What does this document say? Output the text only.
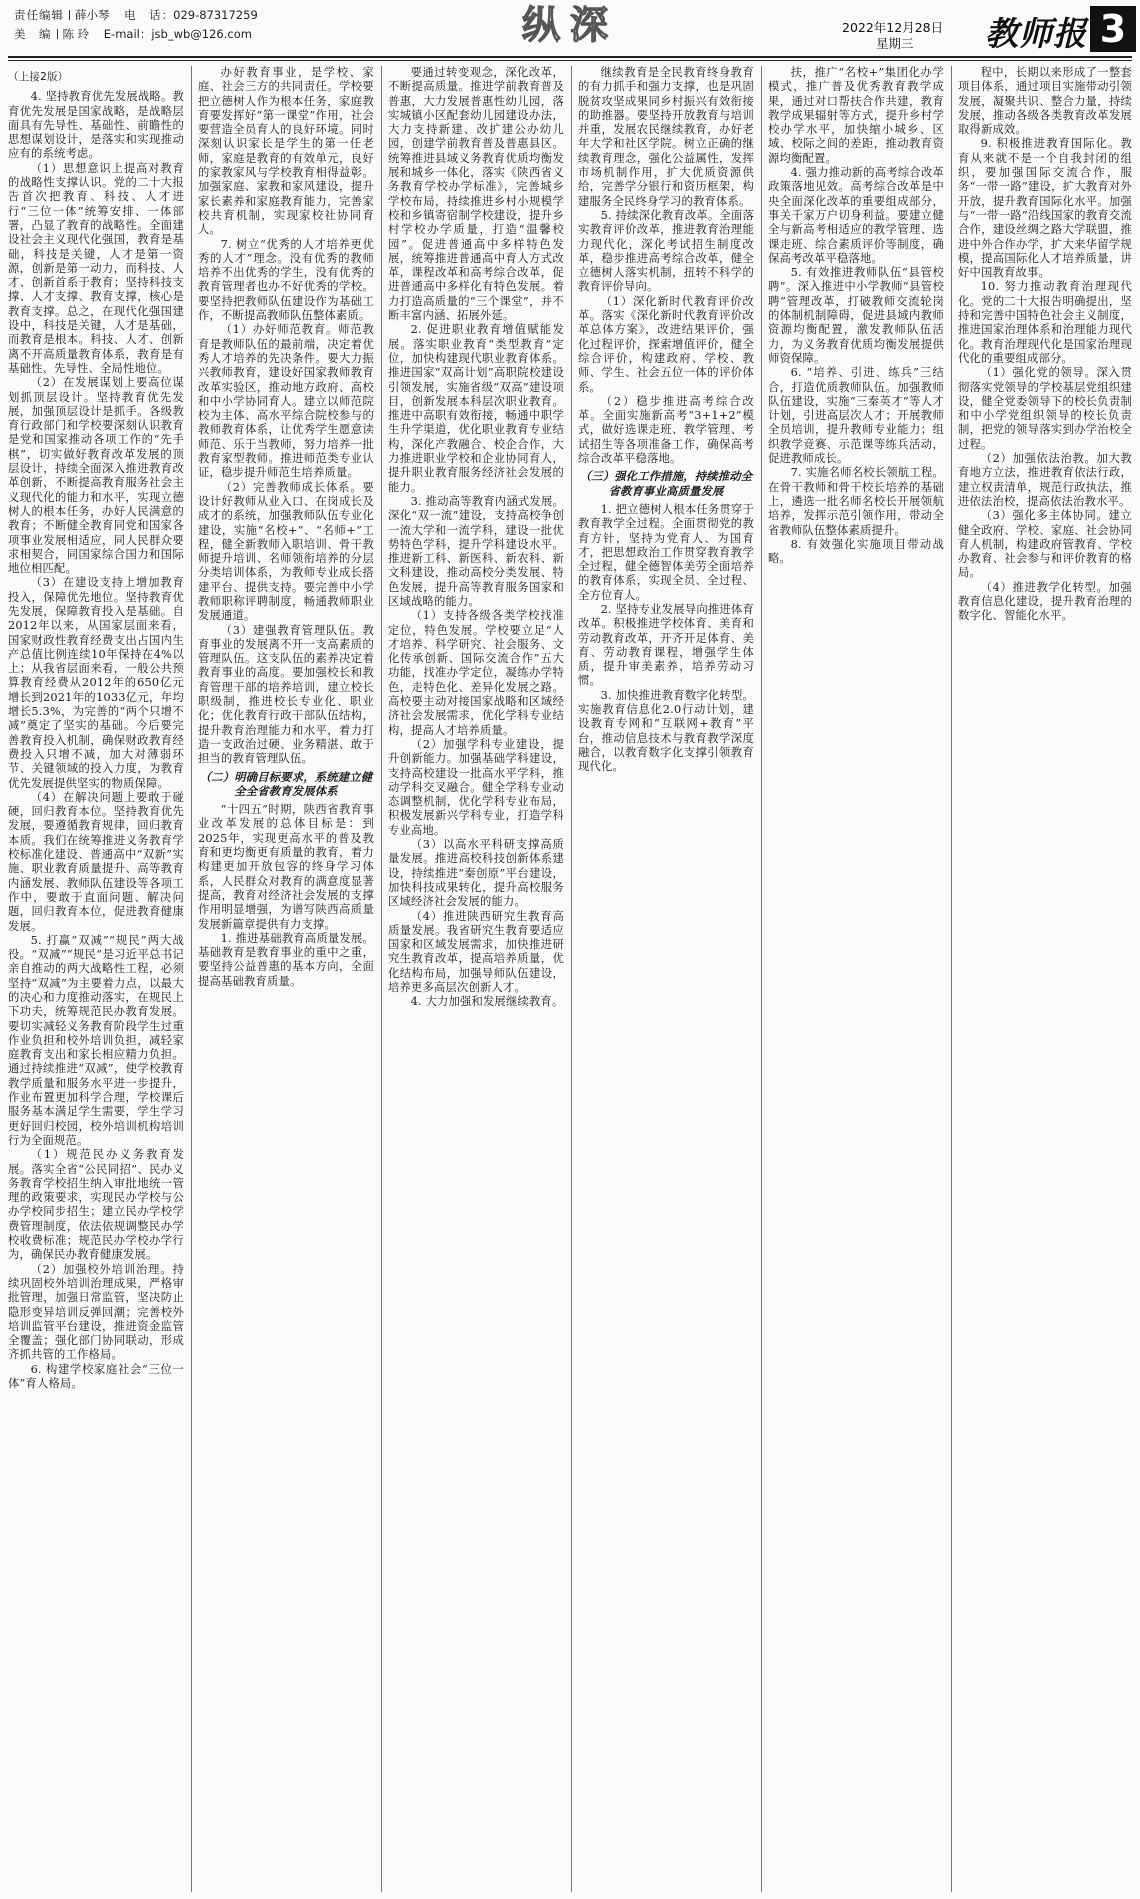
责任编辑 薛小琴 电　话：029-87317259
美　编 陈 玲 E-mail：jsb_wb@126.com	纵深	2022年12月28日
星期三	教师报 3
（上接2版）

4. 坚持教育优先发展战略。教育优先发展是国家战略，是战略层面具有先导性、基础性、前瞻性的思想谋划设计，是落实和实现推动应有的系统考虑。

（1）思想意识上提高对教育的战略性支撑认识。党的二十大报告首次把教育、科技、人才进行“三位一体”统筹安排、一体部署，凸显了教育的战略性。全面建设社会主义现代化强国，教育是基础，科技是关键，人才是第一资源，创新是第一动力，而科技、人才、创新首系于教育；坚持科技支撑、人才支撑、教育支撑，核心是教育支撑。总之，在现代化强国建设中，科技是关键，人才是基础，而教育是根本。科技、人才、创新离不开高质量教育体系，教育是有基础性、先导性、全局性地位。

（2）在发展谋划上要高位谋划抓顶层设计。坚持教育优先发展，加强顶层设计是抓手。各级教育行政部门和学校要深刻认识教育是党和国家推动各项工作的“先手棋”，切实做好教育改革发展的顶层设计，持续全面深入推进教育改革创新，不断提高教育服务社会主义现代化的能力和水平，实现立德树人的根本任务，办好人民满意的教育；不断健全教育同党和国家各项事业发展相适应，同人民群众要求相契合，同国家综合国力和国际地位相匹配。

（3）在建设支持上增加教育投入，保障优先地位。坚持教育优先发展，保障教育投入是基础。自2012年以来，从国家层面来看，国家财政性教育经费支出占国内生产总值比例连续10年保持在4%以上；从我省层面来看，一般公共预算教育经费从2012年的650亿元增长到2021年的1033亿元，年均增长5.3%，为完善的“两个只增不减”奠定了坚实的基础。今后要完善教育投入机制，确保财政教育经费投入只增不减，加大对薄弱环节、关键领域的投入力度，为教育优先发展提供坚实的物质保障。

（4）在解决问题上要敢于碰硬，回归教育本位。坚持教育优先发展，要遵循教育规律，回归教育本质。我们在统筹推进义务教育学校标准化建设、普通高中“双新”实施、职业教育质量提升、高等教育内涵发展、教师队伍建设等各项工作中，要敢于直面问题、解决问题，回归教育本位，促进教育健康发展。

5. 打赢“双减”“规民”两大战役。“双减”“规民”是习近平总书记亲自推动的两大战略性工程，必须坚持“双减”为主要着力点，以最大的决心和力度推动落实，在规民上下功夫，统筹规范民办教育发展。要切实减轻义务教育阶段学生过重作业负担和校外培训负担，减轻家庭教育支出和家长相应精力负担。通过持续推进“双减”，使学校教育教学质量和服务水平进一步提升，作业布置更加科学合理，学校课后服务基本满足学生需要，学生学习更好回归校园，校外培训机构培训行为全面规范。

（1）规范民办义务教育发展。落实全省“公民同招”、民办义务教育学校招生纳入审批地统一管理的政策要求，实现民办学校与公办学校同步招生；建立民办学校学费管理制度，依法依规调整民办学校收费标准；规范民办学校办学行为，确保民办教育健康发展。

（2）加强校外培训治理。持续巩固校外培训治理成果，严格审批管理，加强日常监管，坚决防止隐形变异培训反弹回潮；完善校外培训监管平台建设，推进资金监管全覆盖；强化部门协同联动，形成齐抓共管的工作格局。

6. 构建学校家庭社会“三位一体”育人格局。

办好教育事业，是学校、家庭、社会三方的共同责任。学校要把立德树人作为根本任务，家庭教育要发挥好“第一课堂”作用，社会要营造全员育人的良好环境。同时深刻认识家长是学生的第一任老师，家庭是教育的有效单元，良好的家教家风与学校教育相得益彰。加强家庭、家教和家风建设，提升家长素养和家庭教育能力，完善家校共育机制，实现家校社协同育人。

7. 树立“优秀的人才培养更优秀的人才”理念。没有优秀的教师培养不出优秀的学生，没有优秀的教育管理者也办不好优秀的学校。要坚持把教师队伍建设作为基础工作，不断提高教师队伍整体素质。

（1）办好师范教育。师范教育是教师队伍的最前端，决定着优秀人才培养的先决条件。要大力振兴教师教育，建设好国家教师教育改革实验区，推动地方政府、高校和中小学协同育人。建立以师范院校为主体、高水平综合院校参与的教师教育体系，让优秀学生愿意读师范、乐于当教师，努力培养一批教育家型教师。推进师范类专业认证，稳步提升师范生培养质量。

（2）完善教师成长体系。要设计好教师从业入口、在岗成长及成才的系统，加强教师队伍专业化建设，实施“名校+”、“名师+”工程，健全新教师入职培训、骨干教师提升培训、名师领衔培养的分层分类培训体系，为教师专业成长搭建平台、提供支持。要完善中小学教师职称评聘制度，畅通教师职业发展通道。

（3）建强教育管理队伍。教育事业的发展离不开一支高素质的管理队伍。这支队伍的素养决定着教育事业的高度。要加强校长和教育管理干部的培养培训，建立校长职级制，推进校长专业化、职业化；优化教育行政干部队伍结构，提升教育治理能力和水平，着力打造一支政治过硬、业务精湛、敢于担当的教育管理队伍。

（二）明确目标要求，系统建立健全全省教育发展体系

“十四五”时期，陕西省教育事业改革发展的总体目标是：到2025年，实现更高水平的普及教育和更均衡更有质量的教育，着力构建更加开放包容的终身学习体系，人民群众对教育的满意度显著提高，教育对经济社会发展的支撑作用明显增强，为谱写陕西高质量发展新篇章提供有力支撑。

1. 推进基础教育高质量发展。基础教育是教育事业的重中之重，要坚持公益普惠的基本方向，全面提高基础教育质量。

要通过转变观念，深化改革，不断提高质量。推进学前教育普及普惠，大力发展普惠性幼儿园，落实城镇小区配套幼儿园建设办法，大力支持新建、改扩建公办幼儿园，创建学前教育普及普惠县区。统筹推进县域义务教育优质均衡发展和城乡一体化，落实《陕西省义务教育学校办学标准》，完善城乡学校布局，持续推进乡村小规模学校和乡镇寄宿制学校建设，提升乡村学校办学质量，打造“温馨校园”。促进普通高中多样特色发展，统筹推进普通高中育人方式改革，课程改革和高考综合改革，促进普通高中多样化有特色发展。着力打造高质量的“三个课堂”，并不断丰富内涵、拓展外延。

2. 促进职业教育增值赋能发展。落实职业教育“类型教育”定位，加快构建现代职业教育体系。推进国家“双高计划”高职院校建设引领发展，实施省级“双高”建设项目，创新发展本科层次职业教育。推进中高职有效衔接，畅通中职学生升学渠道，优化职业教育专业结构，深化产教融合、校企合作，大力推进职业学校和企业协同育人，提升职业教育服务经济社会发展的能力。

3. 推动高等教育内涵式发展。深化“双一流”建设，支持高校争创一流大学和一流学科，建设一批优势特色学科，提升学科建设水平。推进新工科、新医科、新农科、新文科建设，推动高校分类发展、特色发展，提升高等教育服务国家和区域战略的能力。

（1）支持各级各类学校找准定位，特色发展。学校要立足“人才培养、科学研究、社会服务、文化传承创新、国际交流合作”五大功能，找准办学定位，凝练办学特色，走特色化、差异化发展之路。高校要主动对接国家战略和区域经济社会发展需求，优化学科专业结构，提高人才培养质量。

（2）加强学科专业建设，提升创新能力。加强基础学科建设，支持高校建设一批高水平学科，推动学科交叉融合。健全学科专业动态调整机制，优化学科专业布局，积极发展新兴学科专业，打造学科专业高地。

（3）以高水平科研支撑高质量发展。推进高校科技创新体系建设，持续推进“秦创原”平台建设，加快科技成果转化，提升高校服务区域经济社会发展的能力。

（4）推进陕西研究生教育高质量发展。我省研究生教育要适应国家和区域发展需求，加快推进研究生教育改革，提高培养质量，优化结构布局，加强导师队伍建设，培养更多高层次创新人才。

4. 大力加强和发展继续教育。

继续教育是全民教育终身教育的有力抓手和强力支撑，也是巩固脱贫攻坚成果同乡村振兴有效衔接的助推器。要坚持开放教育与培训并重，发展农民继续教育，办好老年大学和社区学院。树立正确的继续教育理念，强化公益属性，发挥市场机制作用，扩大优质资源供给，完善学分银行和资历框架，构建服务全民终身学习的教育体系。

5. 持续深化教育改革。全面落实教育评价改革，推进教育治理能力现代化，深化考试招生制度改革，稳步推进高考综合改革，健全立德树人落实机制，扭转不科学的教育评价导向。

（1）深化新时代教育评价改革。落实《深化新时代教育评价改革总体方案》，改进结果评价，强化过程评价，探索增值评价，健全综合评价，构建政府、学校、教师、学生、社会五位一体的评价体系。

（2）稳步推进高考综合改革。全面实施新高考“3+1+2”模式，做好选课走班、教学管理、考试招生等各项准备工作，确保高考综合改革平稳落地。

（三）强化工作措施，持续推动全省教育事业高质量发展

1. 把立德树人根本任务贯穿于教育教学全过程。全面贯彻党的教育方针，坚持为党育人、为国育才，把思想政治工作贯穿教育教学全过程，健全德智体美劳全面培养的教育体系，实现全员、全过程、全方位育人。

2. 坚持专业发展导向推进体育改革。积极推进学校体育、美育和劳动教育改革，开齐开足体育、美育、劳动教育课程，增强学生体质，提升审美素养，培养劳动习惯。

3. 加快推进教育数字化转型。实施教育信息化2.0行动计划，建设教育专网和“互联网+教育”平台，推动信息技术与教育教学深度融合，以教育数字化支撑引领教育现代化。

扶，推广“名校+”集团化办学模式，推广普及优秀教育教学成果，通过对口帮扶合作共建，教育教学成果辐射等方式，提升乡村学校办学水平，加快缩小城乡、区域、校际之间的差距，推动教育资源均衡配置。

4. 强力推动新的高考综合改革政策落地见效。高考综合改革是中央全面深化改革的重要组成部分，事关千家万户切身利益。要建立健全与新高考相适应的教学管理、选课走班、综合素质评价等制度，确保高考改革平稳落地。

5. 有效推进教师队伍“县管校聘”。深入推进中小学教师“县管校聘”管理改革，打破教师交流轮岗的体制机制障碍，促进县域内教师资源均衡配置，激发教师队伍活力，为义务教育优质均衡发展提供师资保障。

6. “培养、引进、练兵”三结合，打造优质教师队伍。加强教师队伍建设，实施“三秦英才”等人才计划，引进高层次人才；开展教师全员培训，提升教师专业能力；组织教学竞赛、示范课等练兵活动，促进教师成长。

7. 实施名师名校长领航工程。在骨干教师和骨干校长培养的基础上，遴选一批名师名校长开展领航培养，发挥示范引领作用，带动全省教师队伍整体素质提升。

8. 有效强化实施项目带动战略。

程中，长期以来形成了一整套项目体系，通过项目实施带动引领发展，凝聚共识、整合力量，持续发展，推动各级各类教育改革发展取得新成效。

9. 积极推进教育国际化。教育从来就不是一个自我封闭的组织，要加强国际交流合作，服务“一带一路”建设，扩大教育对外开放，提升教育国际化水平。加强与“一带一路”沿线国家的教育交流合作，建设丝绸之路大学联盟，推进中外合作办学，扩大来华留学规模，提高国际化人才培养质量，讲好中国教育故事。

10. 努力推动教育治理现代化。党的二十大报告明确提出，坚持和完善中国特色社会主义制度，推进国家治理体系和治理能力现代化。教育治理现代化是国家治理现代化的重要组成部分。

（1）强化党的领导。深入贯彻落实党领导的学校基层党组织建设，健全党委领导下的校长负责制和中小学党组织领导的校长负责制，把党的领导落实到办学治校全过程。

（2）加强依法治教。加大教育地方立法，推进教育依法行政，建立权责清单，规范行政执法，推进依法治校，提高依法治教水平。

（3）强化多主体协同。建立健全政府、学校、家庭、社会协同育人机制，构建政府管教育、学校办教育、社会参与和评价教育的格局。

（4）推进教学化转型。加强教育信息化建设，提升教育治理的数字化、智能化水平。
